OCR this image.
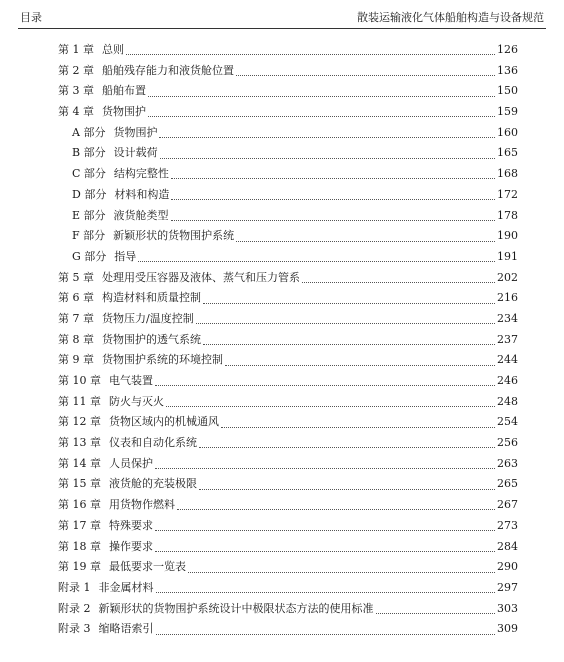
目录	散装运输液化气体船舶构造与设备规范
第 1 章 总则	126
第 2 章 船舶残存能力和液货舱位置	136
第 3 章 船舶布置	150
第 4 章 货物围护	159
A 部分 货物围护	160
B 部分 设计载荷	165
C 部分 结构完整性	168
D 部分 材料和构造	172
E 部分 液货舱类型	178
F 部分 新颖形状的货物围护系统	190
G 部分 指导	191
第 5 章 处理用受压容器及液体、蒸气和压力管系	202
第 6 章 构造材料和质量控制	216
第 7 章 货物压力/温度控制	234
第 8 章 货物围护的透气系统	237
第 9 章 货物围护系统的环境控制	244
第 10 章 电气装置	246
第 11 章 防火与灭火	248
第 12 章 货物区域内的机械通风	254
第 13 章 仪表和自动化系统	256
第 14 章 人员保护	263
第 15 章 液货舱的充装极限	265
第 16 章 用货物作燃料	267
第 17 章 特殊要求	273
第 18 章 操作要求	284
第 19 章 最低要求一览表	290
附录 1 非金属材料	297
附录 2 新颖形状的货物围护系统设计中极限状态方法的使用标准	303
附录 3 缩略语索引	309
